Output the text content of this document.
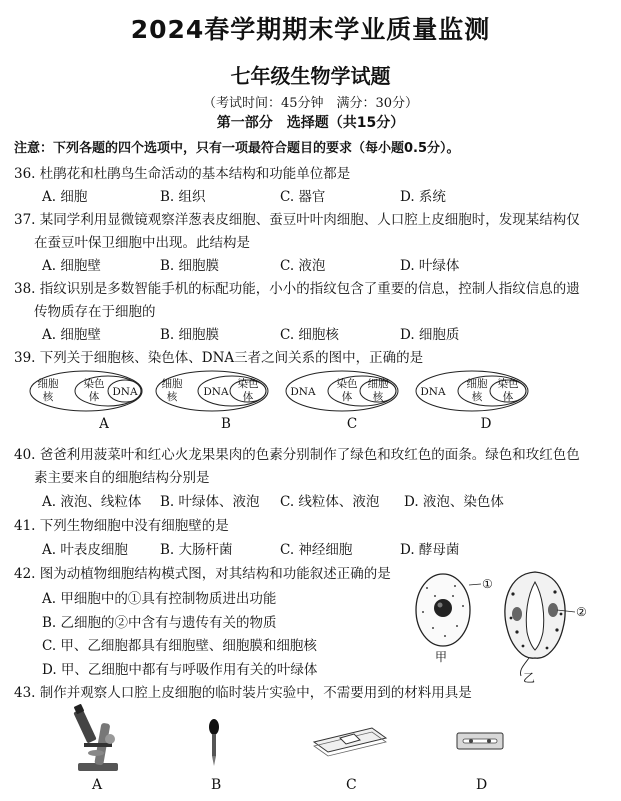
2024春学期期末学业质量监测
七年级生物学试题
（考试时间：45分钟　满分：30分）
第一部分　选择题（共15分）
注意：下列各题的四个选项中，只有一项最符合题目的要求（每小题0.5分）。
36. 杜鹃花和杜鹃鸟生命活动的基本结构和功能单位都是
A. 细胞	B. 组织	C. 器官	D. 系统
37. 某同学利用显微镜观察洋葱表皮细胞、蚕豆叶叶肉细胞、人口腔上皮细胞时，发现某结构仅
在蚕豆叶保卫细胞中出现。此结构是
A. 细胞壁	B. 细胞膜	C. 液泡	D. 叶绿体
38. 指纹识别是多数智能手机的标配功能，小小的指纹包含了重要的信息，控制人指纹信息的遗
传物质存在于细胞的
A. 细胞壁	B. 细胞膜	C. 细胞核	D. 细胞质
39. 下列关于细胞核、染色体、DNA三者之间关系的图中，正确的是
细胞
核
染色
体 DNA
细胞
核 DNA
染色
体	DNA
染色
体
细胞
核	DNA
细胞
核
染色
体
A	B	C	D
40. 爸爸利用菠菜叶和红心火龙果果肉的色素分别制作了绿色和玫红色的面条。绿色和玫红色色
素主要来自的细胞结构分别是
A. 液泡、线粒体 B. 叶绿体、液泡 C. 线粒体、液泡 D. 液泡、染色体
41. 下列生物细胞中没有细胞壁的是
A. 叶表皮细胞 B. 大肠杆菌	C. 神经细胞	D. 酵母菌
42. 图为动植物细胞结构模式图，对其结构和功能叙述正确的是
A. 甲细胞中的①具有控制物质进出功能
B. 乙细胞的②中含有与遗传有关的物质
C. 甲、乙细胞都具有细胞壁、细胞膜和细胞核
D. 甲、乙细胞中都有与呼吸作用有关的叶绿体
①
②
甲
乙
43. 制作并观察人口腔上皮细胞的临时装片实验中，不需要用到的材料用具是
A	B	C	D
